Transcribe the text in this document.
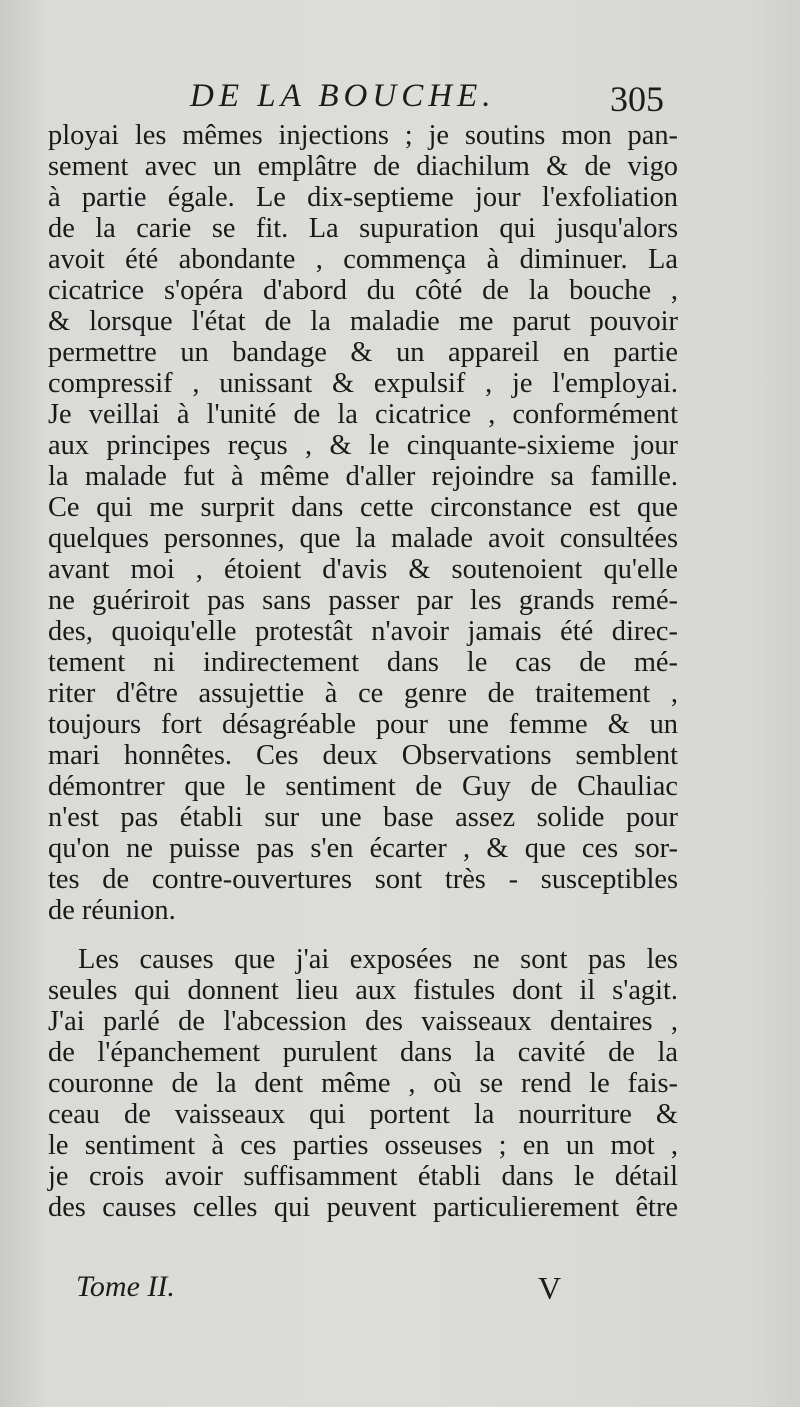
DE LA BOUCHE.	305
ployai les mêmes injections ; je soutins mon pan-
sement avec un emplâtre de diachilum & de vigo
à partie égale. Le dix-septieme jour l'exfoliation
de la carie se fit. La supuration qui jusqu'alors
avoit été abondante , commença à diminuer. La
cicatrice s'opéra d'abord du côté de la bouche ,
& lorsque l'état de la maladie me parut pouvoir
permettre un bandage & un appareil en partie
compressif , unissant & expulsif , je l'employai.
Je veillai à l'unité de la cicatrice , conformément
aux principes reçus , & le cinquante-sixieme jour
la malade fut à même d'aller rejoindre sa famille.
Ce qui me surprit dans cette circonstance est que
quelques personnes, que la malade avoit consultées
avant moi , étoient d'avis & soutenoient qu'elle
ne guériroit pas sans passer par les grands remé-
des, quoiqu'elle protestât n'avoir jamais été direc-
tement ni indirectement dans le cas de mé-
riter d'être assujettie à ce genre de traitement ,
toujours fort désagréable pour une femme & un
mari honnêtes. Ces deux Observations semblent
démontrer que le sentiment de Guy de Chauliac
n'est pas établi sur une base assez solide pour
qu'on ne puisse pas s'en écarter , & que ces sor-
tes de contre-ouvertures sont très - susceptibles
de réunion.
Les causes que j'ai exposées ne sont pas les
seules qui donnent lieu aux fistules dont il s'agit.
J'ai parlé de l'abcession des vaisseaux dentaires ,
de l'épanchement purulent dans la cavité de la
couronne de la dent même , où se rend le fais-
ceau de vaisseaux qui portent la nourriture &
le sentiment à ces parties osseuses ; en un mot ,
je crois avoir suffisamment établi dans le détail
des causes celles qui peuvent particulierement être
Tome II.	V
